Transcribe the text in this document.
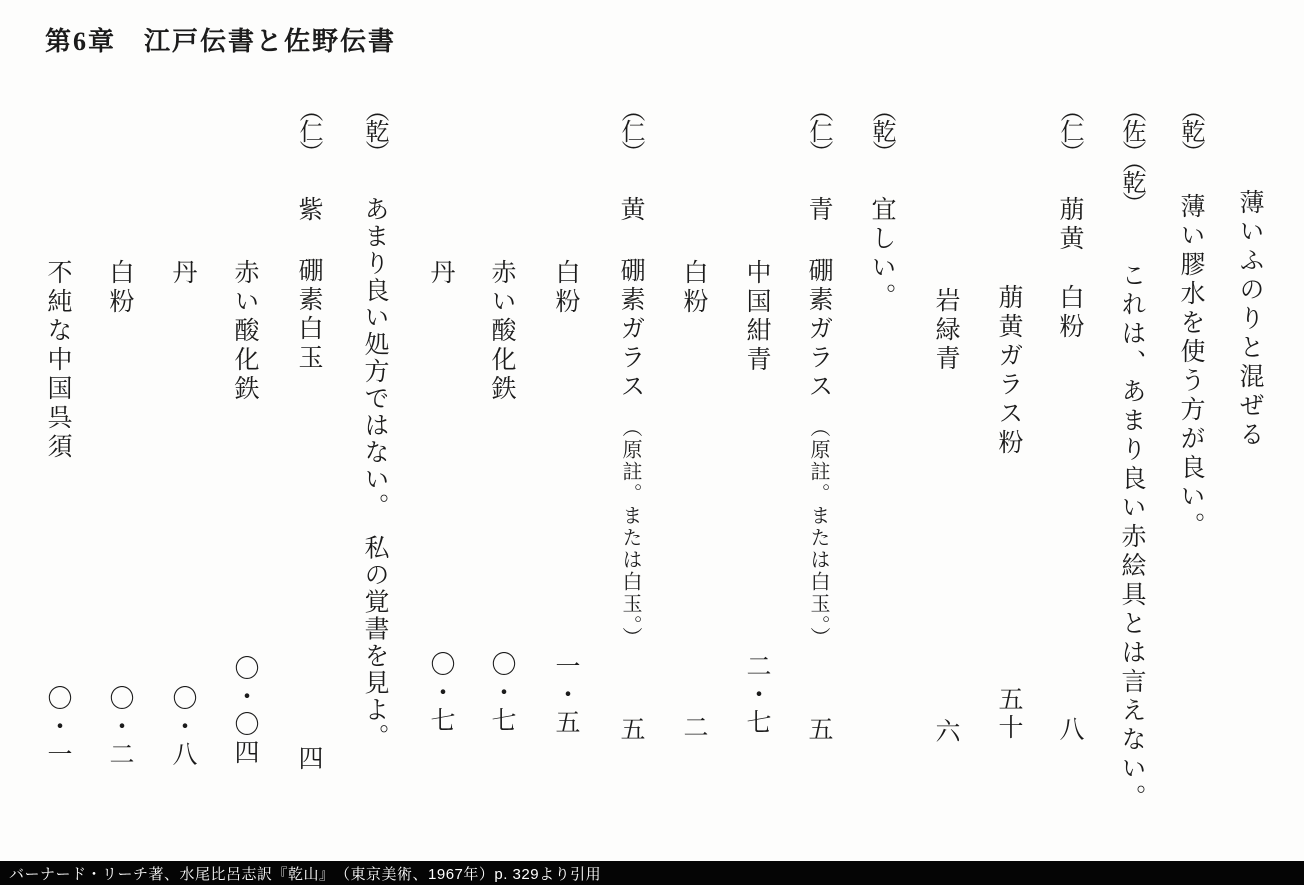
第6章　江戸伝書と佐野伝書
薄いふのりと混ぜる
（乾）
薄い膠水を使う方が良い。
（佐）（乾）
これは、あまり良い赤絵具とは言えない。
（仁）
萠黄
白粉
八
萠黄ガラス粉
五十
岩緑青
六
（乾）
宜しい。
（仁）
青
硼素ガラス
（原註。または白玉。）
五
中国紺青
二・七
白粉
二
（仁）
黄
硼素ガラス
（原註。または白玉。）
五
白粉
一・五
赤い酸化鉄
〇・七
丹
〇・七
（乾）
あまり良い処方ではない。　私の覚書を見よ。
（仁）
紫
硼素白玉
四
赤い酸化鉄
〇・〇四
丹
〇・八
白粉
〇・二
不純な中国呉須
〇・一
バーナード・リーチ著、水尾比呂志訳『乾山』　（東京美術、1967年）p. 329より引用
